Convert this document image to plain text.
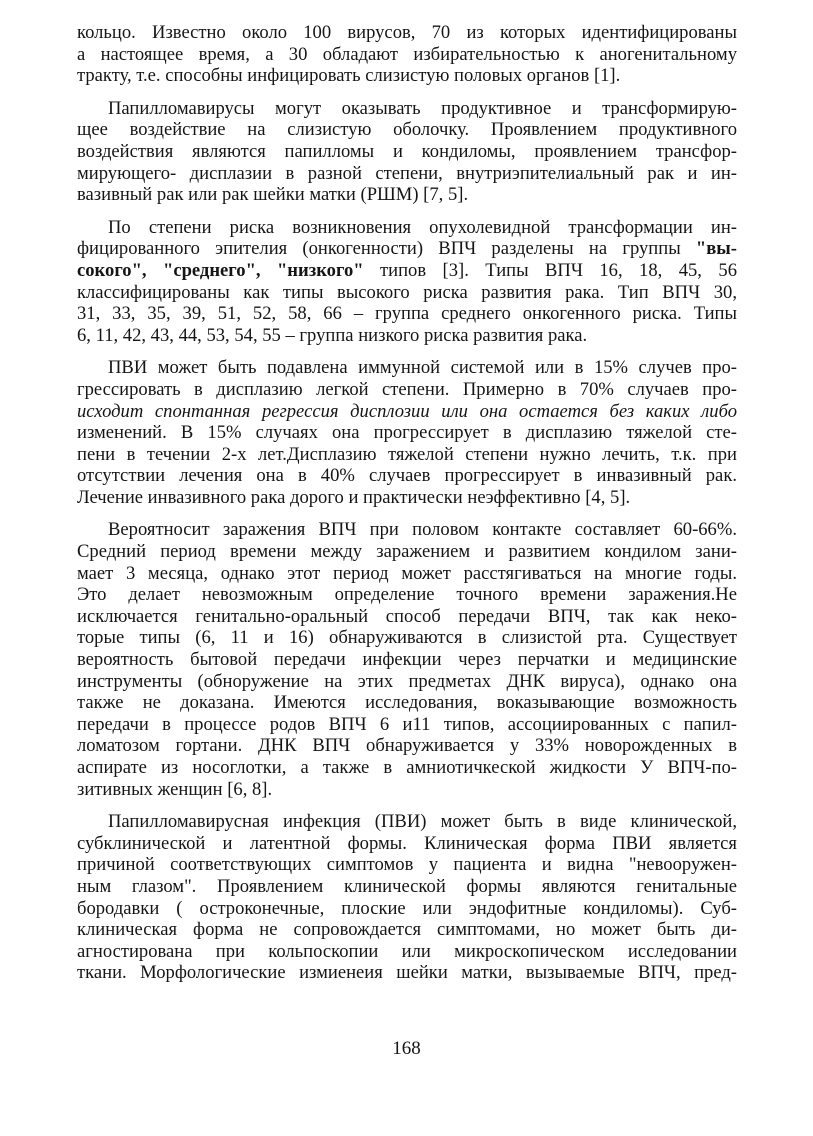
кольцо. Известно около 100 вирусов, 70 из которых идентифицированы
а настоящее время, а 30 обладают избирательностью к аногенитальному
тракту, т.е. способны инфицировать слизистую половых органов [1].
Папилломавирусы могут оказывать продуктивное и трансформирую-
щее воздействие на слизистую оболочку. Проявлением продуктивного
воздействия являются папилломы и кондиломы, проявлением трансфор-
мирующего- дисплазии в разной степени, внутриэпителиальный рак и ин-
вазивный рак или рак шейки матки (РШМ) [7, 5].
По степени риска возникновения опухолевидной трансформации ин-
фицированного эпителия (онкогенности) ВПЧ разделены на группы "вы-
сокого", "среднего", "низкого" типов [3]. Типы ВПЧ 16, 18, 45, 56
классифицированы как типы высокого риска развития рака. Тип ВПЧ 30,
31, 33, 35, 39, 51, 52, 58, 66 – группа среднего онкогенного риска. Типы
6, 11, 42, 43, 44, 53, 54, 55 – группа низкого риска развития рака.
ПВИ может быть подавлена иммунной системой или в 15% случев про-
грессировать в дисплазию легкой степени. Примерно в 70% случаев про-
исходит спонтанная регрессия дисплозии или она остается без каких либо
изменений. В 15% случаях она прогрессирует в дисплазию тяжелой сте-
пени в течении 2-х лет.Дисплазию тяжелой степени нужно лечить, т.к. при
отсутствии лечения она в 40% случаев прогрессирует в инвазивный рак.
Лечение инвазивного рака дорого и практически неэффективно [4, 5].
Вероятносит заражения ВПЧ при половом контакте составляет 60-66%.
Средний период времени между заражением и развитием кондилом зани-
мает 3 месяца, однако этот период может расстягиваться на многие годы.
Это делает невозможным определение точного времени заражения.Не
исключается генитально-оральный способ передачи ВПЧ, так как неко-
торые типы (6, 11 и 16) обнаруживаются в слизистой рта. Существует
вероятность бытовой передачи инфекции через перчатки и медицинские
инструменты (обноружение на этих предметах ДНК вируса), однако она
также не доказана. Имеются исследования, воказывающие возможность
передачи в процессе родов ВПЧ 6 и11 типов, ассоциированных с папил-
ломатозом гортани. ДНК ВПЧ обнаруживается у 33% новорожденных в
аспирате из носоглотки, а также в амниотичкеской жидкости У ВПЧ-по-
зитивных женщин [6, 8].
Папилломавирусная инфекция (ПВИ) может быть в виде клинической,
субклинической и латентной формы. Клиническая форма ПВИ является
причиной соответствующих симптомов у пациента и видна "невооружен-
ным глазом". Проявлением клинической формы являются генитальные
бородавки ( остроконечные, плоские или эндофитные кондиломы). Суб-
клиническая форма не сопровождается симптомами, но может быть ди-
агностирована при кольпоскопии или микроскопическом исследовании
ткани. Морфологические измиенеия шейки матки, вызываемые ВПЧ, пред-
168
